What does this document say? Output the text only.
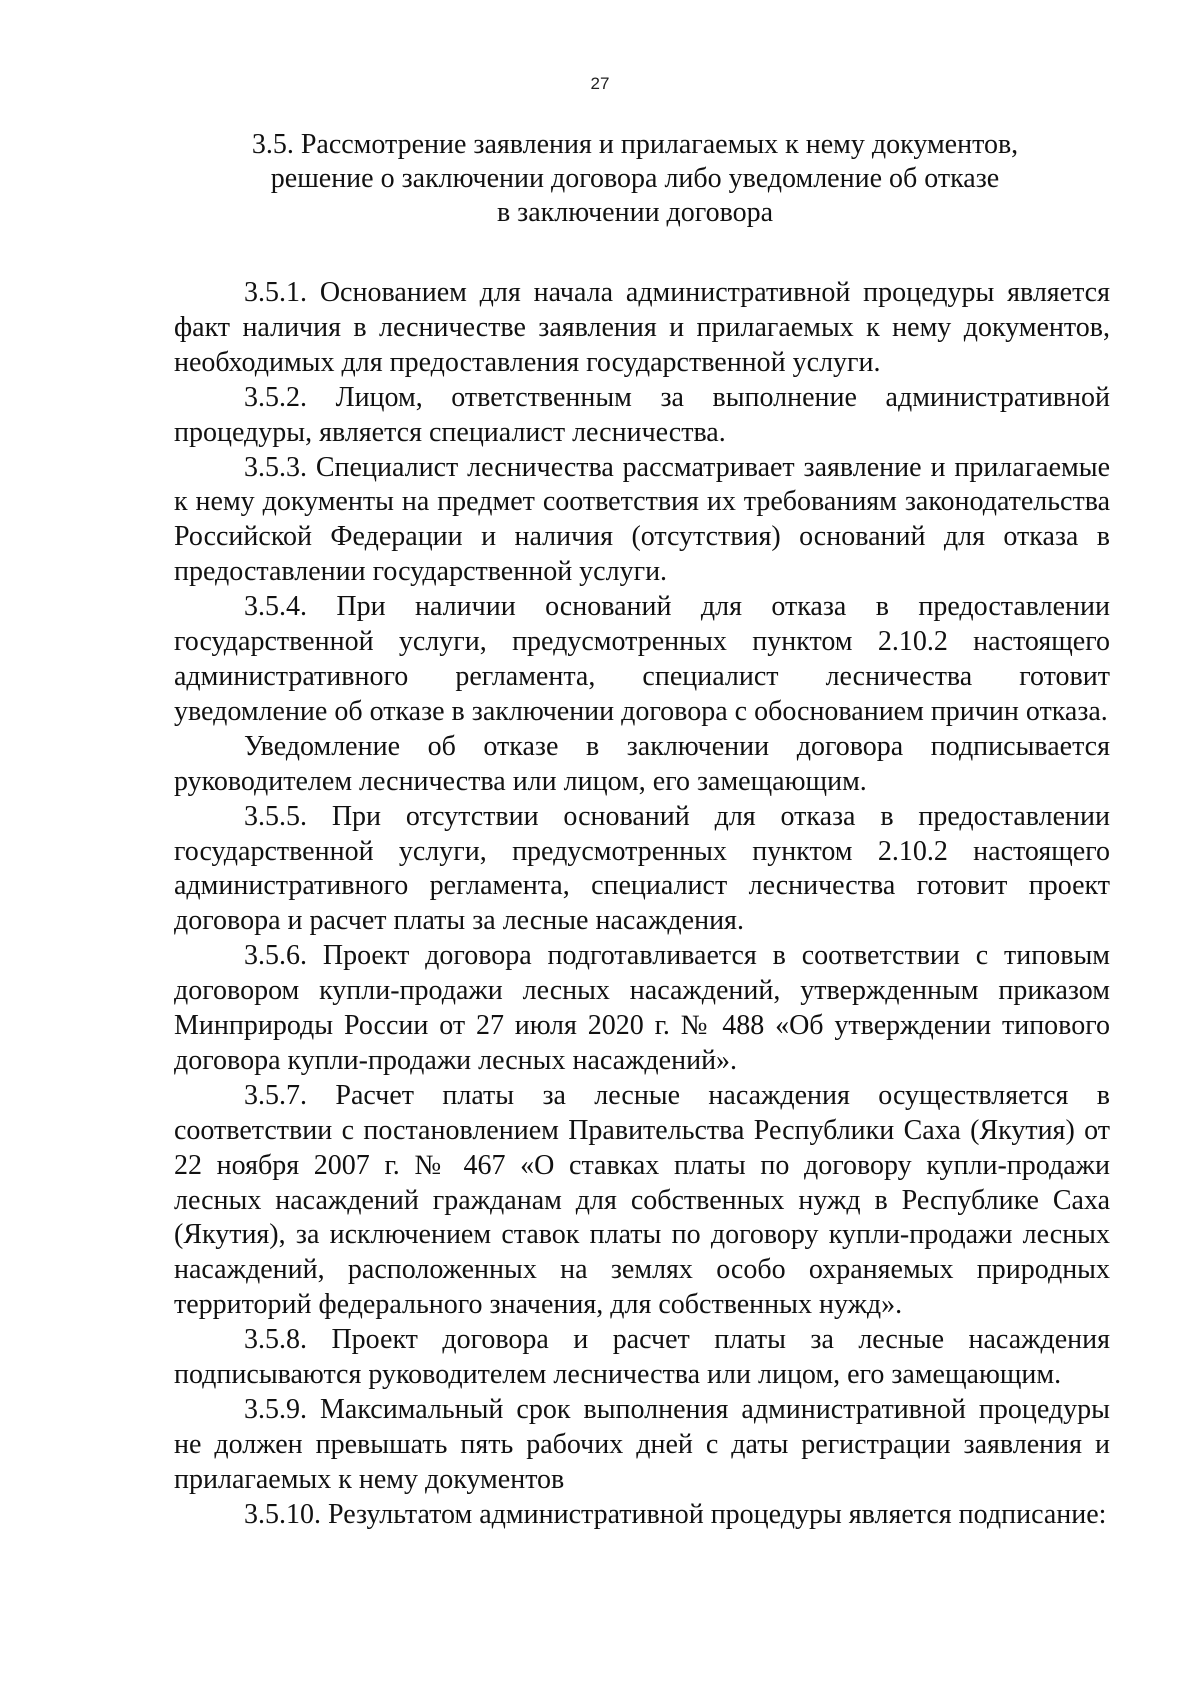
27
3.5. Рассмотрение заявления и прилагаемых к нему документов,
решение о заключении договора либо уведомление об отказе
в заключении договора

3.5.1. Основанием для начала административной процедуры является факт наличия в лесничестве заявления и прилагаемых к нему документов, необходимых для предоставления государственной услуги.

3.5.2. Лицом, ответственным за выполнение административной процедуры, является специалист лесничества.

3.5.3. Специалист лесничества рассматривает заявление и прилагаемые к нему документы на предмет соответствия их требованиям законодательства Российской Федерации и наличия (отсутствия) оснований для отказа в предоставлении государственной услуги.

3.5.4. При наличии оснований для отказа в предоставлении государственной услуги, предусмотренных пунктом 2.10.2 настоящего административного регламента, специалист лесничества готовит уведомление об отказе в заключении договора с обоснованием причин отказа.

Уведомление об отказе в заключении договора подписывается руководителем лесничества или лицом, его замещающим.

3.5.5. При отсутствии оснований для отказа в предоставлении государственной услуги, предусмотренных пунктом 2.10.2 настоящего административного регламента, специалист лесничества готовит проект договора и расчет платы за лесные насаждения.

3.5.6. Проект договора подготавливается в соответствии с типовым договором купли-продажи лесных насаждений, утвержденным приказом Минприроды России от 27 июля 2020 г. № 488 «Об утверждении типового договора купли-продажи лесных насаждений».

3.5.7. Расчет платы за лесные насаждения осуществляется в соответствии с постановлением Правительства Республики Саха (Якутия) от 22 ноября 2007 г. № 467 «О ставках платы по договору купли-продажи лесных насаждений гражданам для собственных нужд в Республике Саха (Якутия), за исключением ставок платы по договору купли-продажи лесных насаждений, расположенных на землях особо охраняемых природных территорий федерального значения, для собственных нужд».

3.5.8. Проект договора и расчет платы за лесные насаждения подписываются руководителем лесничества или лицом, его замещающим.

3.5.9. Максимальный срок выполнения административной процедуры не должен превышать пять рабочих дней с даты регистрации заявления и прилагаемых к нему документов

3.5.10. Результатом административной процедуры является подписание:
